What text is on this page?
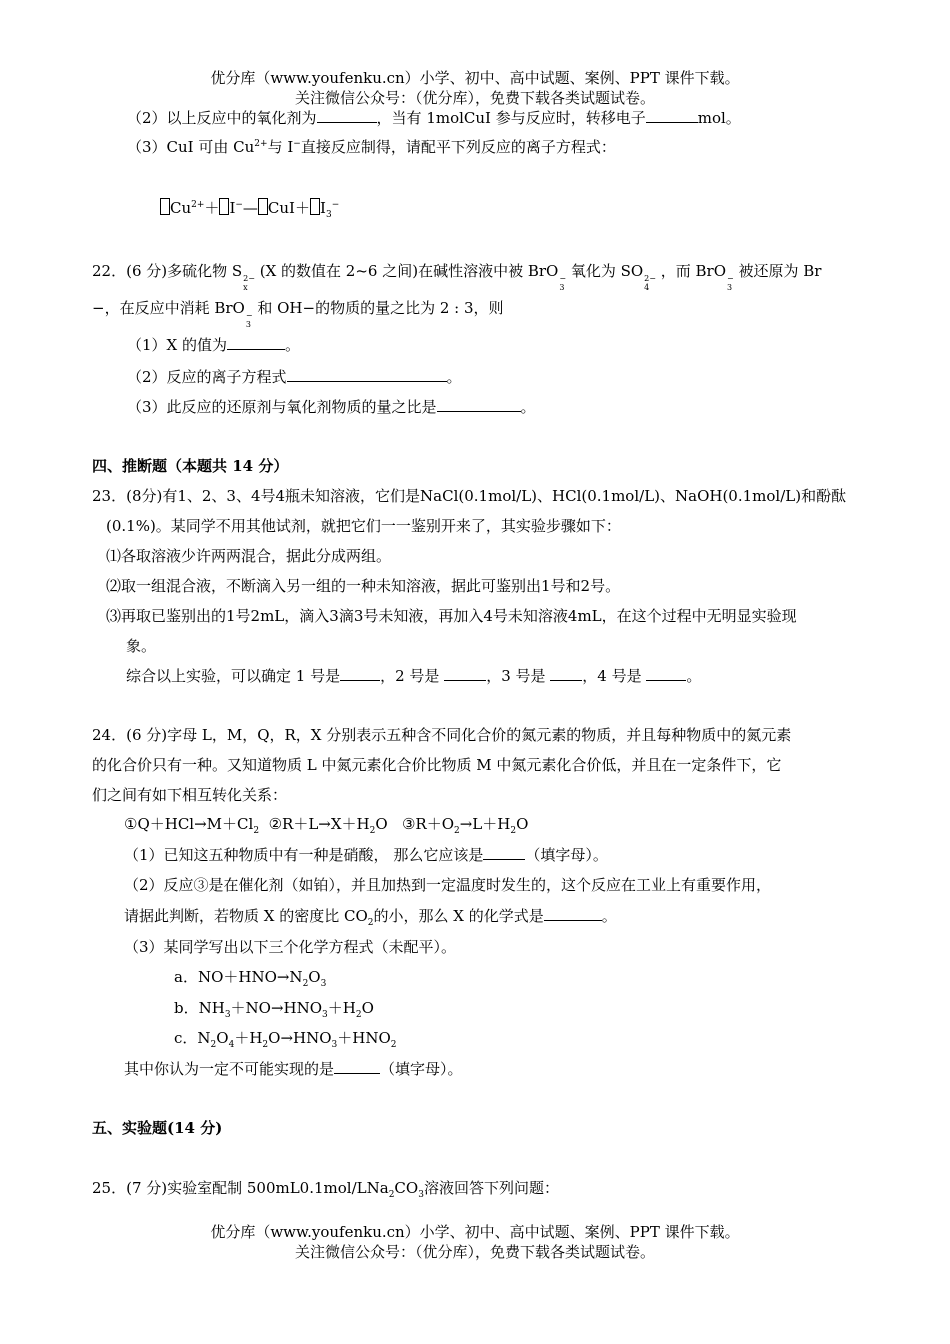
优分库（www.youfenku.cn）小学、初中、高中试题、案例、PPT 课件下载。
关注微信公众号：（优分库），免费下载各类试题试卷。
（2）以上反应中的氧化剂为	，当有 1molCuI 参与反应时，转移电子	mol。
（3）CuI 可由 $Cu^{2+}$与 I−直接反应制得，请配平下列反应的离子方程式：
$Cu^{2+}+$ I−— $CuI+ I_3^-$
22．(6 分)多硫化物 S 2−
x
(X 的数值在 2~6 之间)在碱性溶液中被 BrO −
3
氧化为 SO 2−
4
，而 BrO −
3
被还原为 Br
−，在反应中消耗 BrO −
3
和 OH−的物质的量之比为 2 : 3，则
（1）X 的值为	。
（2）反应的离子方程式	。
（3）此反应的还原剂与氧化剂物质的量之比是	。
四、推断题（本题共 14 分）
23．(8分)有1、2、3、4号4瓶未知溶液，它们是NaCl(0.1mol/L)、HCl(0.1mol/L)、NaOH(0.1mol/L)和酚酞
(0.1%)。某同学不用其他试剂，就把它们一一鉴别开来了，其实验步骤如下：
⑴各取溶液少许两两混合，据此分成两组。
⑵取一组混合液，不断滴入另一组的一种未知溶液，据此可鉴别出1号和2号。
⑶再取已鉴别出的1号2mL，滴入3滴3号未知液，再加入4号未知溶液4mL，在这个过程中无明显实验现
象。
综合以上实验，可以确定 1 号是	，2 号是	，3 号是 ，4 号是	。
24．(6 分)字母 L，M，Q，R，X 分别表示五种含不同化合价的氮元素的物质，并且每种物质中的氮元素
的化合价只有一种。又知道物质 L 中氮元素化合价比物质 M 中氮元素化合价低，并且在一定条件下，它
们之间有如下相互转化关系：
$①Q+HCl\to M+Cl_2$  $②R+L\to X+H_2O$   $③R+O_2\to L+H_2O$
（1）已知这五种物质中有一种是硝酸， 那么它应该是	（填字母）。
（2）反应③是在催化剂（如铂），并且加热到一定温度时发生的，这个反应在工业上有重要作用，
请据此判断，若物质 X 的密度比 $CO_2$的小，那么 X 的化学式是	。
（3）某同学写出以下三个化学方程式（未配平）。
a．$NO+HNO\to N_2O_3$
b．$NH_3+NO\to HNO_3+H_2O$
c．$N_2O_4+H_2O\to HNO_3+HNO_2$
其中你认为一定不可能实现的是	（填字母）。
五、实验题(14 分)
25．(7 分)实验室配制 $500mL0.1mol/LNa_2CO_3$溶液回答下列问题：
优分库（www.youfenku.cn）小学、初中、高中试题、案例、PPT 课件下载。
关注微信公众号：（优分库），免费下载各类试题试卷。
